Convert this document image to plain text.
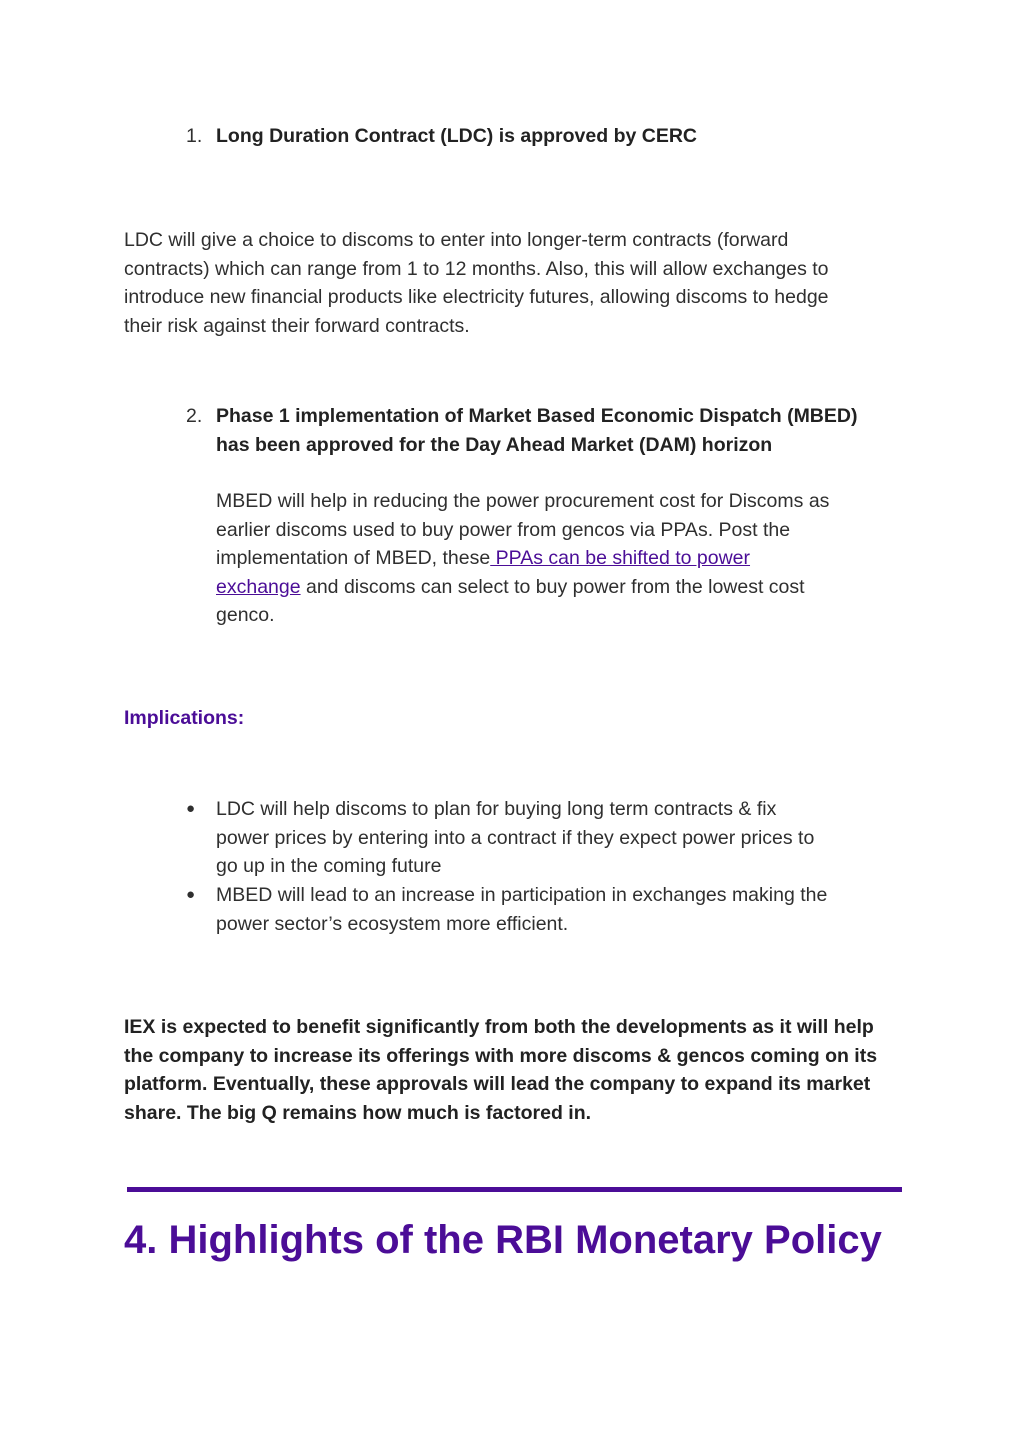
1. Long Duration Contract (LDC) is approved by CERC
LDC will give a choice to discoms to enter into longer-term contracts (forward
contracts) which can range from 1 to 12 months. Also, this will allow exchanges to
introduce new financial products like electricity futures, allowing discoms to hedge
their risk against their forward contracts.
2. Phase 1 implementation of Market Based Economic Dispatch (MBED)
has been approved for the Day Ahead Market (DAM) horizon
MBED will help in reducing the power procurement cost for Discoms as
earlier discoms used to buy power from gencos via PPAs. Post the
implementation of MBED, these PPAs can be shifted to power
exchange and discoms can select to buy power from the lowest cost
genco.
Implications:
● LDC will help discoms to plan for buying long term contracts & fix
power prices by entering into a contract if they expect power prices to
go up in the coming future
● MBED will lead to an increase in participation in exchanges making the
power sector’s ecosystem more efficient.
IEX is expected to benefit significantly from both the developments as it will help
the company to increase its offerings with more discoms & gencos coming on its
platform. Eventually, these approvals will lead the company to expand its market
share. The big Q remains how much is factored in.
4. Highlights of the RBI Monetary Policy
